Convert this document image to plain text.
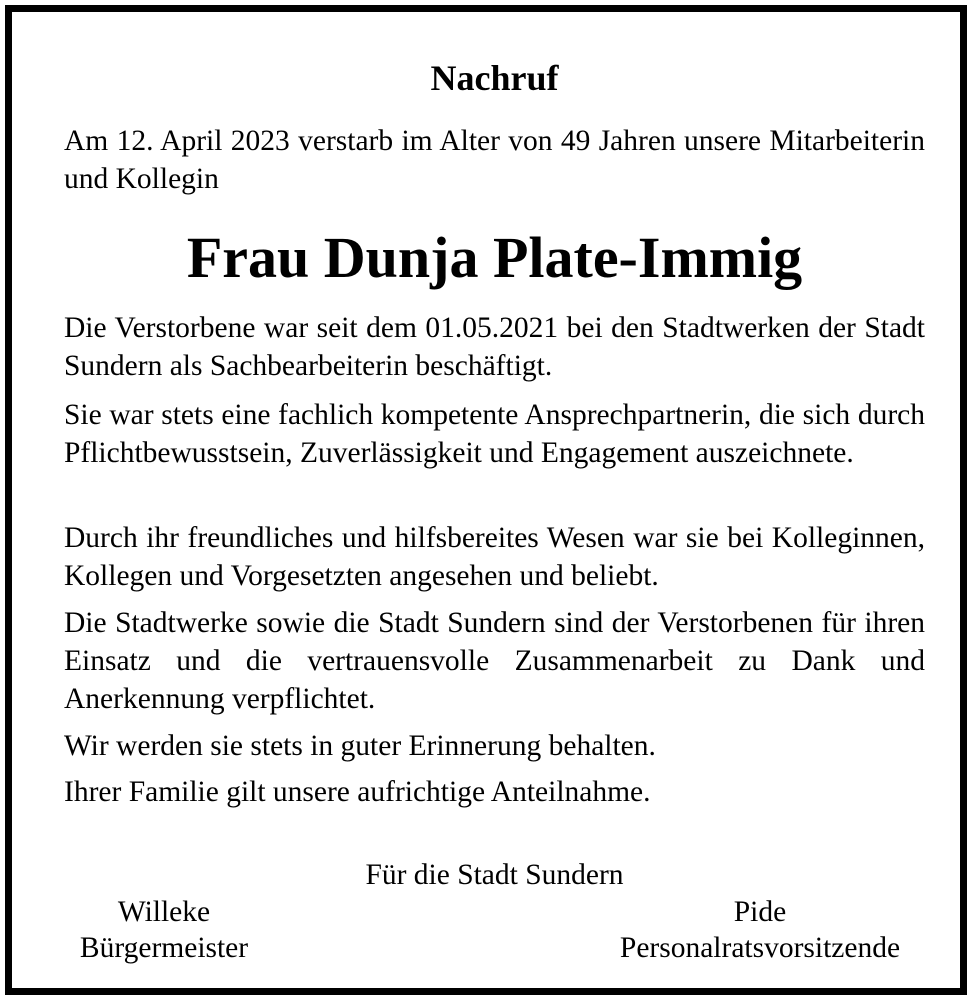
Nachruf
Am 12. April 2023 verstarb im Alter von 49 Jahren unsere Mitarbeiterin und Kollegin
Frau Dunja Plate-Immig
Die Verstorbene war seit dem 01.05.2021 bei den Stadtwerken der Stadt Sundern als Sachbearbeiterin beschäftigt.
Sie war stets eine fachlich kompetente Ansprechpartnerin, die sich durch Pflichtbewusstsein, Zuverlässigkeit und Engagement auszeichnete.
Durch ihr freundliches und hilfsbereites Wesen war sie bei Kolleginnen, Kollegen und Vorgesetzten angesehen und beliebt.
Die Stadtwerke sowie die Stadt Sundern sind der Verstorbenen für ihren Einsatz und die vertrauensvolle Zusammenarbeit zu Dank und Anerkennung verpflichtet.
Wir werden sie stets in guter Erinnerung behalten.
Ihrer Familie gilt unsere aufrichtige Anteilnahme.
Für die Stadt Sundern
Willeke
Bürgermeister
Pide
Personalratsvorsitzende
